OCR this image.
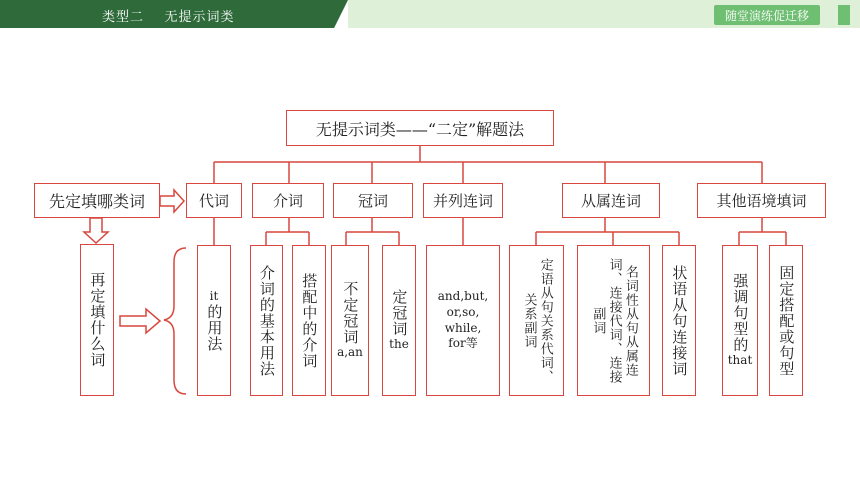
类型二    无提示词类	随堂演练促迁移
无提示词类——“二定”解题法
先定填哪类词
再定填什么词
代词	介词	冠词	并列连词	从属连词	其他语境填词
it
的用法 介词的基本用法 搭配中的介词 不定冠词
a,an
定冠词
the
and,but,
or,so,
while,
for等	定语从句关系代词、关系副词	名词性从句从属连词、连接代词、连接副词	状语从句连接词	强调句型的
that 固定搭配或句型
